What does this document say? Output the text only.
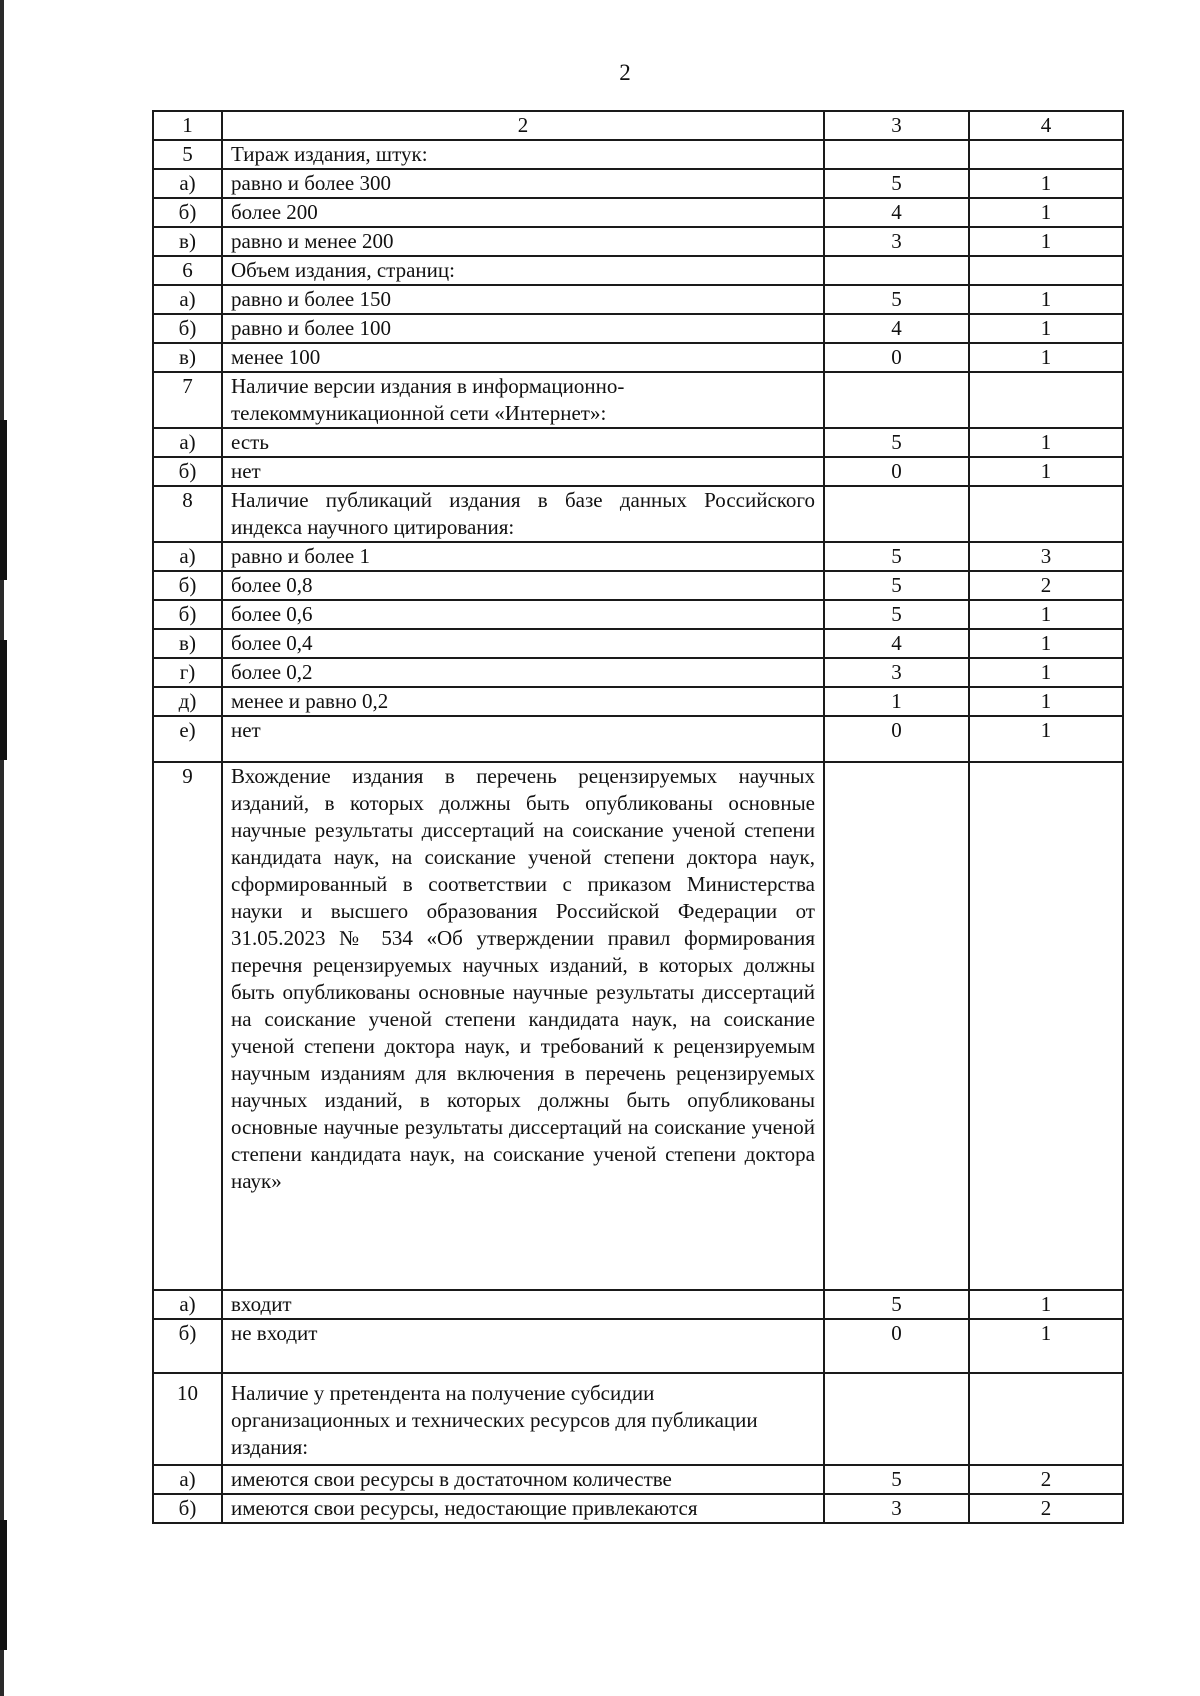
2
1	2	3	4
5	Тираж издания, штук:		
а)	равно и более 300	5	1
б)	более 200	4	1
в)	равно и менее 200	3	1
6	Объем издания, страниц:		
а)	равно и более 150	5	1
б)	равно и более 100	4	1
в)	менее 100	0	1
7	Наличие версии издания в информационно-телекоммуникационной сети «Интернет»:		
а)	есть	5	1
б)	нет	0	1
8	Наличие публикаций издания в базе данных Российского индекса научного цитирования:		
а)	равно и более 1	5	3
б)	более 0,8	5	2
б)	более 0,6	5	1
в)	более 0,4	4	1
г)	более 0,2	3	1
д)	менее и равно 0,2	1	1
е)	нет	0	1
9	Вхождение издания в перечень рецензируемых научных изданий, в которых должны быть опубликованы основные научные результаты диссертаций на соискание ученой степени кандидата наук, на соискание ученой степени доктора наук, сформированный в соответствии с приказом Министерства науки и высшего образования Российской Федерации от 31.05.2023 № 534 «Об утверждении правил формирования перечня рецензируемых научных изданий, в которых должны быть опубликованы основные научные результаты диссертаций на соискание ученой степени кандидата наук, на соискание ученой степени доктора наук, и требований к рецензируемым научным изданиям для включения в перечень рецензируемых научных изданий, в которых должны быть опубликованы основные научные результаты диссертаций на соискание ученой степени кандидата наук, на соискание ученой степени доктора наук»		
а)	входит	5	1
б)	не входит	0	1
10	Наличие у претендента на получение субсидии организационных и технических ресурсов для публикации издания:		
а)	имеются свои ресурсы в достаточном количестве	5	2
б)	имеются свои ресурсы, недостающие привлекаются	3	2
